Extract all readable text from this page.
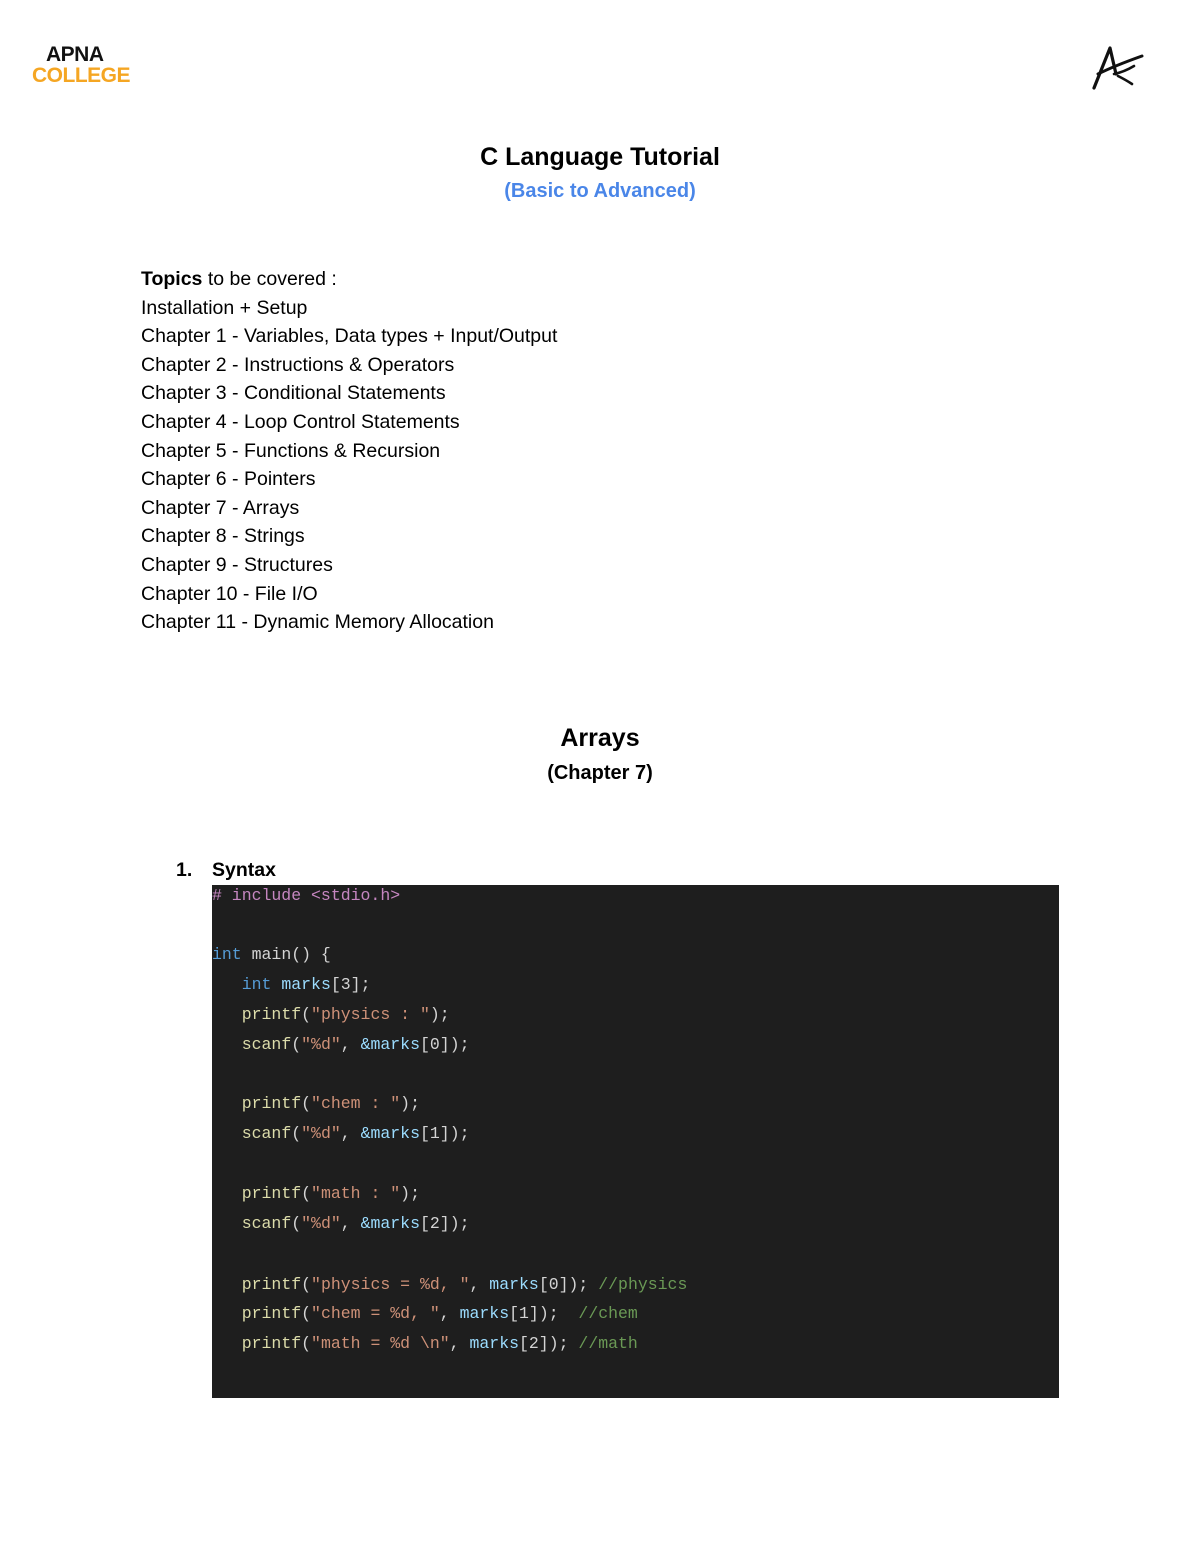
APNA
COLLEGE
C Language Tutorial
(Basic to Advanced)
Topics to be covered :
Installation + Setup
Chapter 1 - Variables, Data types + Input/Output
Chapter 2 - Instructions & Operators
Chapter 3 - Conditional Statements
Chapter 4 - Loop Control Statements
Chapter 5 - Functions & Recursion
Chapter 6 - Pointers
Chapter 7 - Arrays
Chapter 8 - Strings
Chapter 9 - Structures
Chapter 10 - File I/O
Chapter 11 - Dynamic Memory Allocation
Arrays
(Chapter 7)
1. Syntax
# include <stdio.h>
int main() {
int marks[3];
printf("physics : ");
scanf("%d", &marks[0]);
printf("chem : ");
scanf("%d", &marks[1]);
printf("math : ");
scanf("%d", &marks[2]);
printf("physics = %d, ", marks[0]); //physics
printf("chem = %d, ", marks[1]);  //chem
printf("math = %d \n", marks[2]); //math
